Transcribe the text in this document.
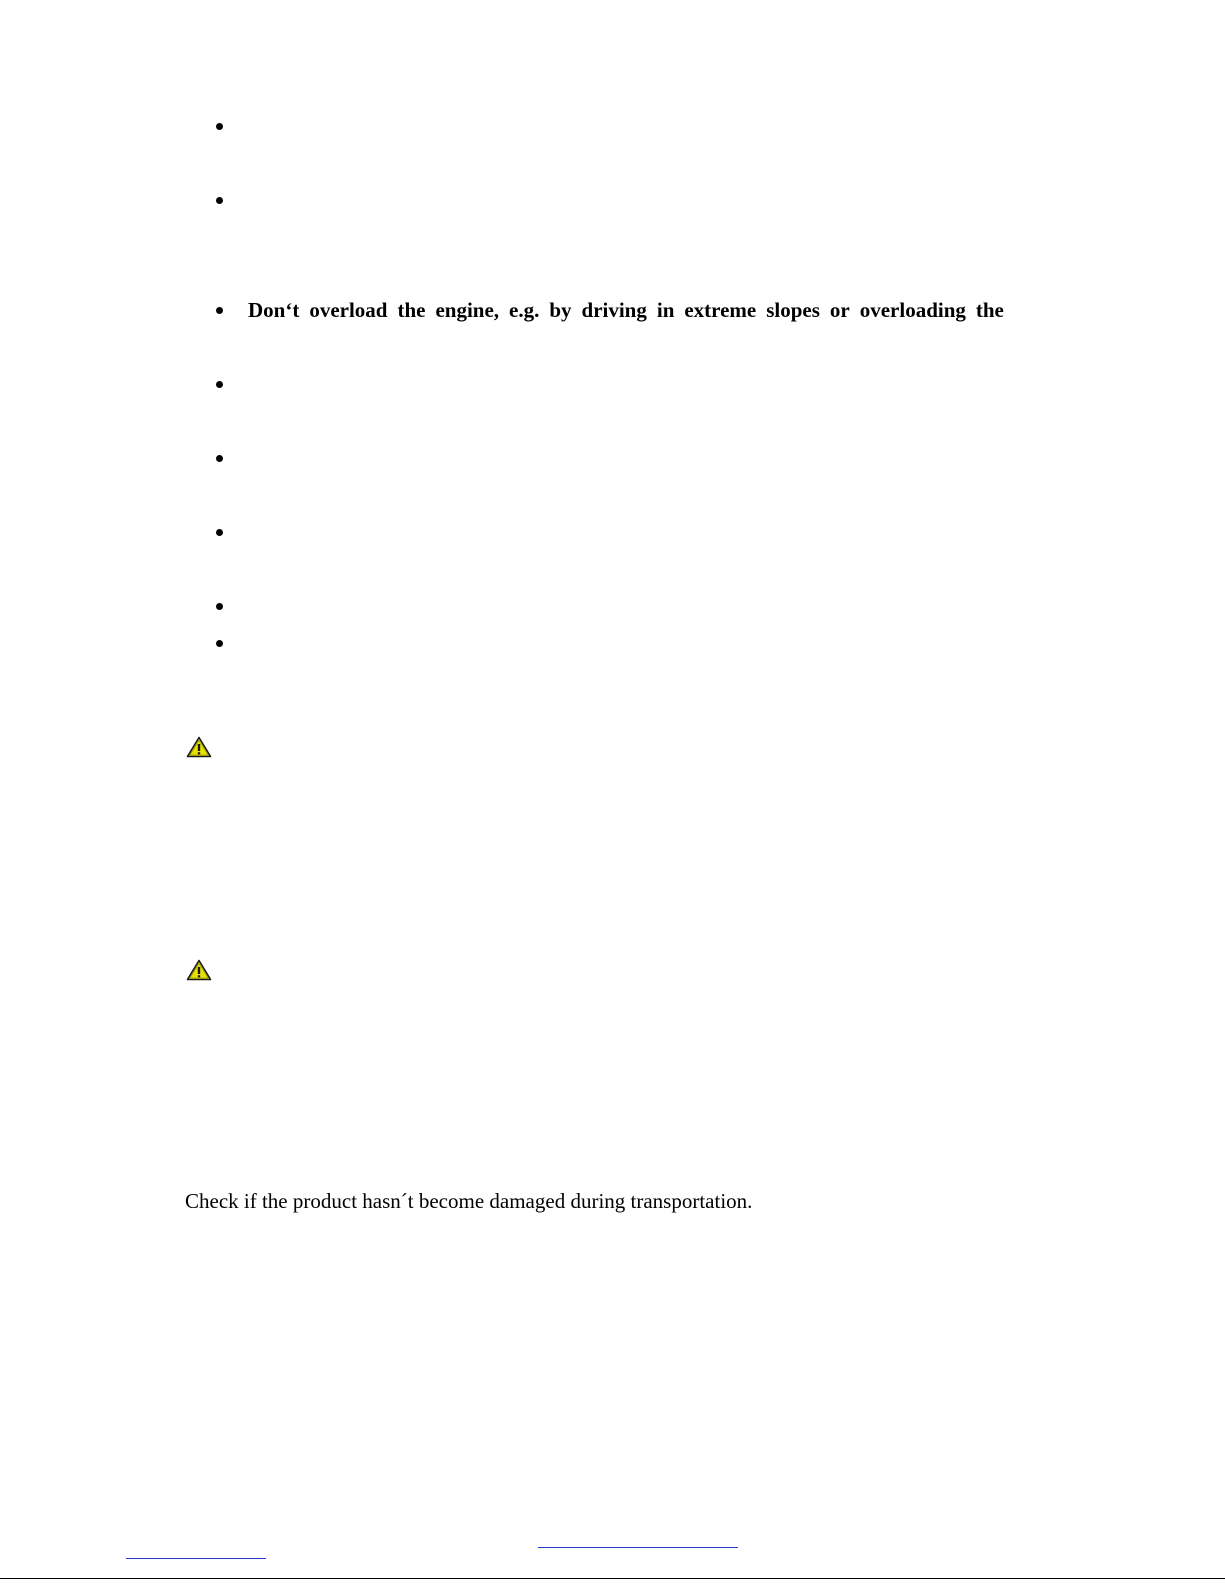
Don‘t overload the engine, e.g. by driving in extreme slopes or overloading the
Check if the product hasn´t become damaged during transportation.
